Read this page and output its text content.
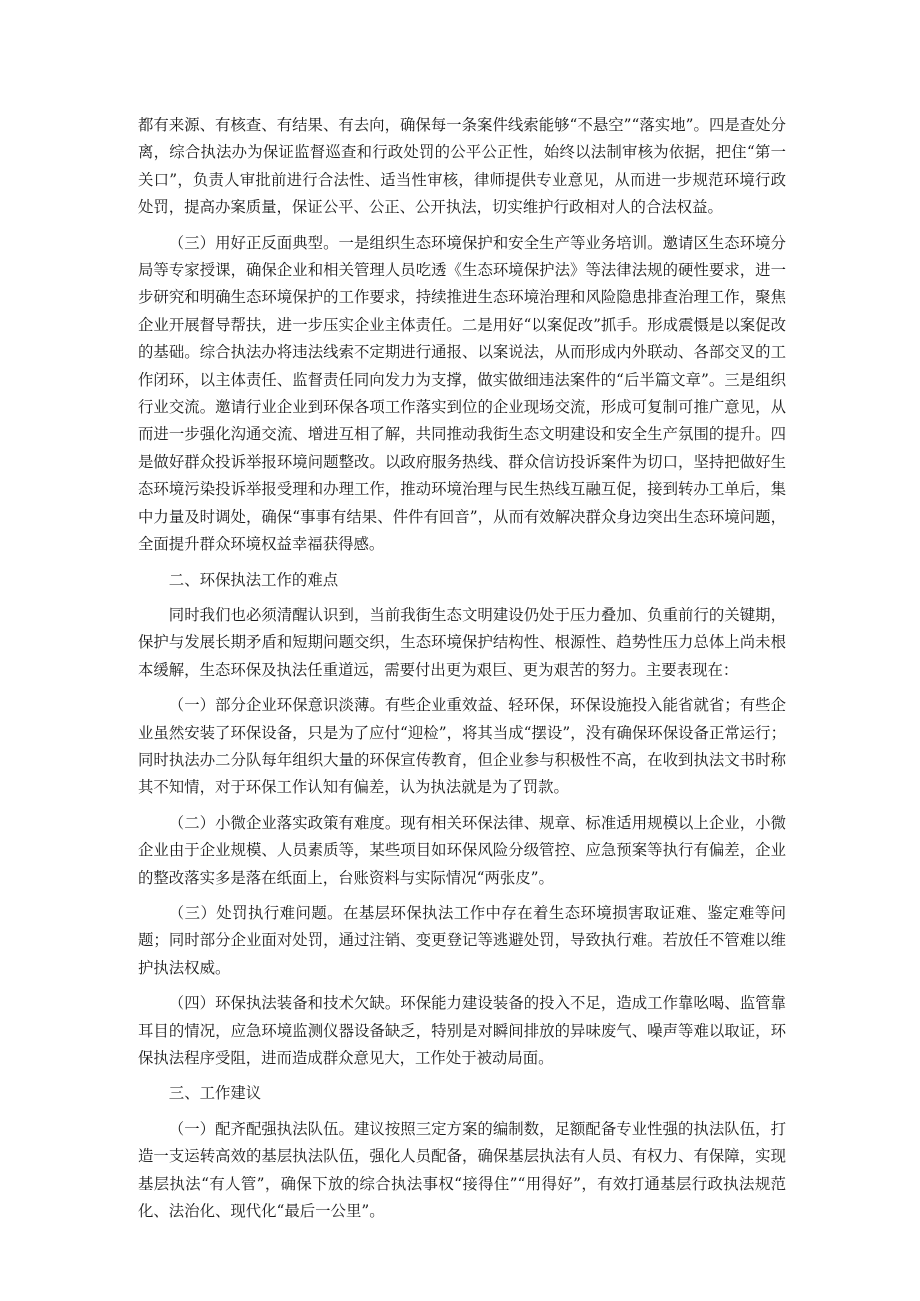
都有来源、有核查、有结果、有去向，确保每一条案件线索能够“不悬空”“落实地”。四是查处分离，综合执法办为保证监督巡查和行政处罚的公平公正性，始终以法制审核为依据，把住“第一关口”，负责人审批前进行合法性、适当性审核，律师提供专业意见，从而进一步规范环境行政处罚，提高办案质量，保证公平、公正、公开执法，切实维护行政相对人的合法权益。

（三）用好正反面典型。一是组织生态环境保护和安全生产等业务培训。邀请区生态环境分局等专家授课，确保企业和相关管理人员吃透《生态环境保护法》等法律法规的硬性要求，进一步研究和明确生态环境保护的工作要求，持续推进生态环境治理和风险隐患排查治理工作，聚焦企业开展督导帮扶，进一步压实企业主体责任。二是用好“以案促改”抓手。形成震慑是以案促改的基础。综合执法办将违法线索不定期进行通报、以案说法，从而形成内外联动、各部交叉的工作闭环，以主体责任、监督责任同向发力为支撑，做实做细违法案件的“后半篇文章”。三是组织行业交流。邀请行业企业到环保各项工作落实到位的企业现场交流，形成可复制可推广意见，从而进一步强化沟通交流、增进互相了解，共同推动我街生态文明建设和安全生产氛围的提升。四是做好群众投诉举报环境问题整改。以政府服务热线、群众信访投诉案件为切口，坚持把做好生态环境污染投诉举报受理和办理工作，推动环境治理与民生热线互融互促，接到转办工单后，集中力量及时调处，确保“事事有结果、件件有回音”，从而有效解决群众身边突出生态环境问题，全面提升群众环境权益幸福获得感。

二、环保执法工作的难点

同时我们也必须清醒认识到，当前我街生态文明建设仍处于压力叠加、负重前行的关键期，保护与发展长期矛盾和短期问题交织，生态环境保护结构性、根源性、趋势性压力总体上尚未根本缓解，生态环保及执法任重道远，需要付出更为艰巨、更为艰苦的努力。主要表现在：

（一）部分企业环保意识淡薄。有些企业重效益、轻环保，环保设施投入能省就省；有些企业虽然安装了环保设备，只是为了应付“迎检”，将其当成“摆设”，没有确保环保设备正常运行；同时执法办二分队每年组织大量的环保宣传教育，但企业参与积极性不高，在收到执法文书时称其不知情，对于环保工作认知有偏差，认为执法就是为了罚款。

（二）小微企业落实政策有难度。现有相关环保法律、规章、标准适用规模以上企业，小微企业由于企业规模、人员素质等，某些项目如环保风险分级管控、应急预案等执行有偏差，企业的整改落实多是落在纸面上，台账资料与实际情况“两张皮”。

（三）处罚执行难问题。在基层环保执法工作中存在着生态环境损害取证难、鉴定难等问题；同时部分企业面对处罚，通过注销、变更登记等逃避处罚，导致执行难。若放任不管难以维护执法权威。

（四）环保执法装备和技术欠缺。环保能力建设装备的投入不足，造成工作靠吆喝、监管靠耳目的情况，应急环境监测仪器设备缺乏，特别是对瞬间排放的异味废气、噪声等难以取证，环保执法程序受阻，进而造成群众意见大，工作处于被动局面。

三、工作建议

（一）配齐配强执法队伍。建议按照三定方案的编制数，足额配备专业性强的执法队伍，打造一支运转高效的基层执法队伍，强化人员配备，确保基层执法有人员、有权力、有保障，实现基层执法“有人管”，确保下放的综合执法事权“接得住”“用得好”，有效打通基层行政执法规范化、法治化、现代化“最后一公里”。
